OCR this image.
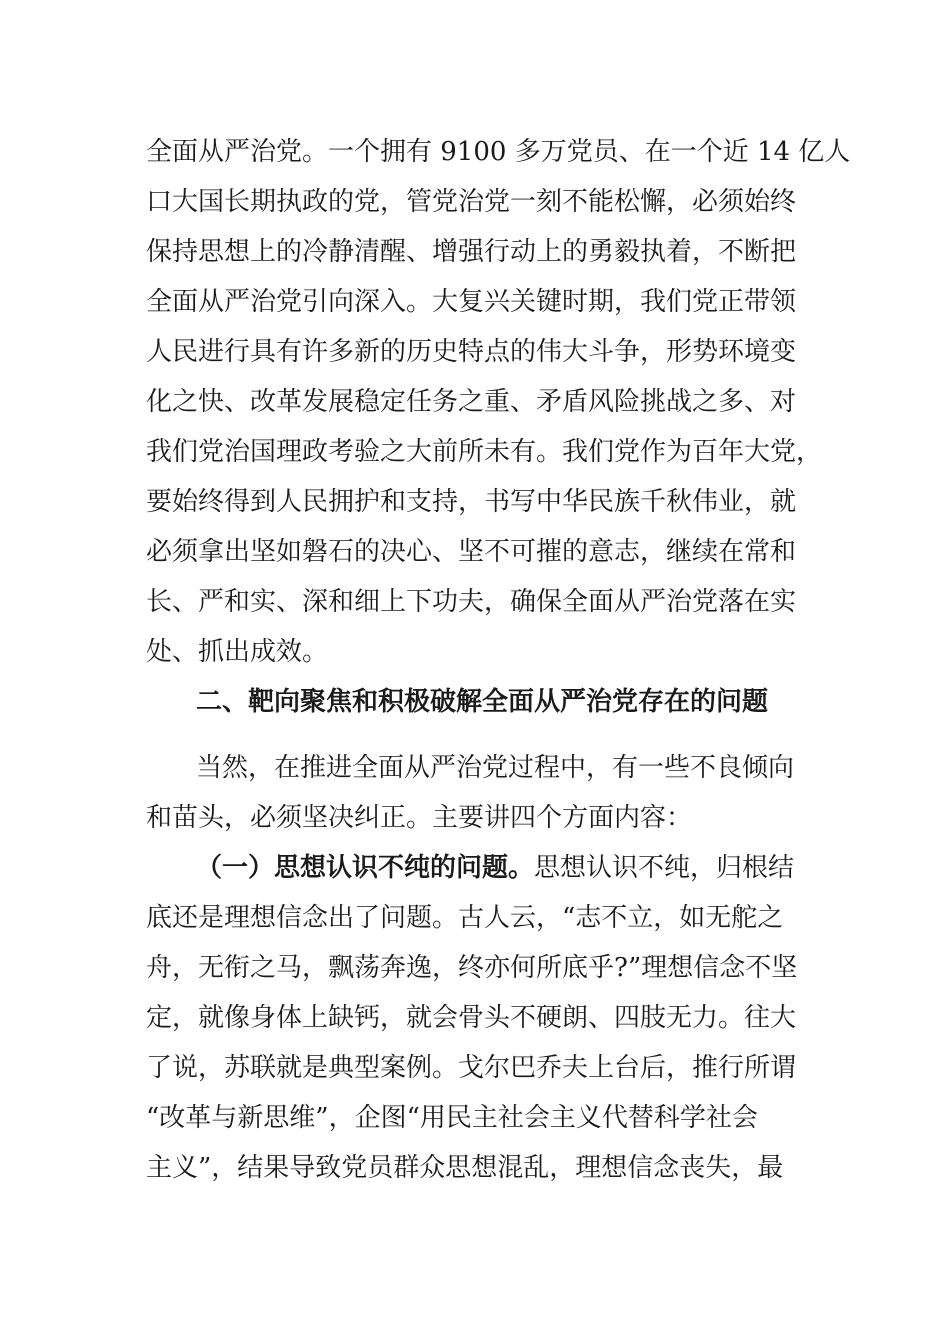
全面从严治党。一个拥有 9100 多万党员、在一个近 14 亿人
口大国长期执政的党，管党治党一刻不能松懈，必须始终
保持思想上的冷静清醒、增强行动上的勇毅执着，不断把
全面从严治党引向深入。大复兴关键时期，我们党正带领
人民进行具有许多新的历史特点的伟大斗争，形势环境变
化之快、改革发展稳定任务之重、矛盾风险挑战之多、对
我们党治国理政考验之大前所未有。我们党作为百年大党，
要始终得到人民拥护和支持，书写中华民族千秋伟业，就
必须拿出坚如磐石的决心、坚不可摧的意志，继续在常和
长、严和实、深和细上下功夫，确保全面从严治党落在实
处、抓出成效。
二、靶向聚焦和积极破解全面从严治党存在的问题
当然，在推进全面从严治党过程中，有一些不良倾向
和苗头，必须坚决纠正。主要讲四个方面内容：
（一）思想认识不纯的问题。思想认识不纯，归根结
底还是理想信念出了问题。古人云，“志不立，如无舵之
舟，无衔之马，飘荡奔逸，终亦何所底乎?”理想信念不坚
定，就像身体上缺钙，就会骨头不硬朗、四肢无力。往大
了说，苏联就是典型案例。戈尔巴乔夫上台后，推行所谓
“改革与新思维”，企图“用民主社会主义代替科学社会
主义”，结果导致党员群众思想混乱，理想信念丧失，最
